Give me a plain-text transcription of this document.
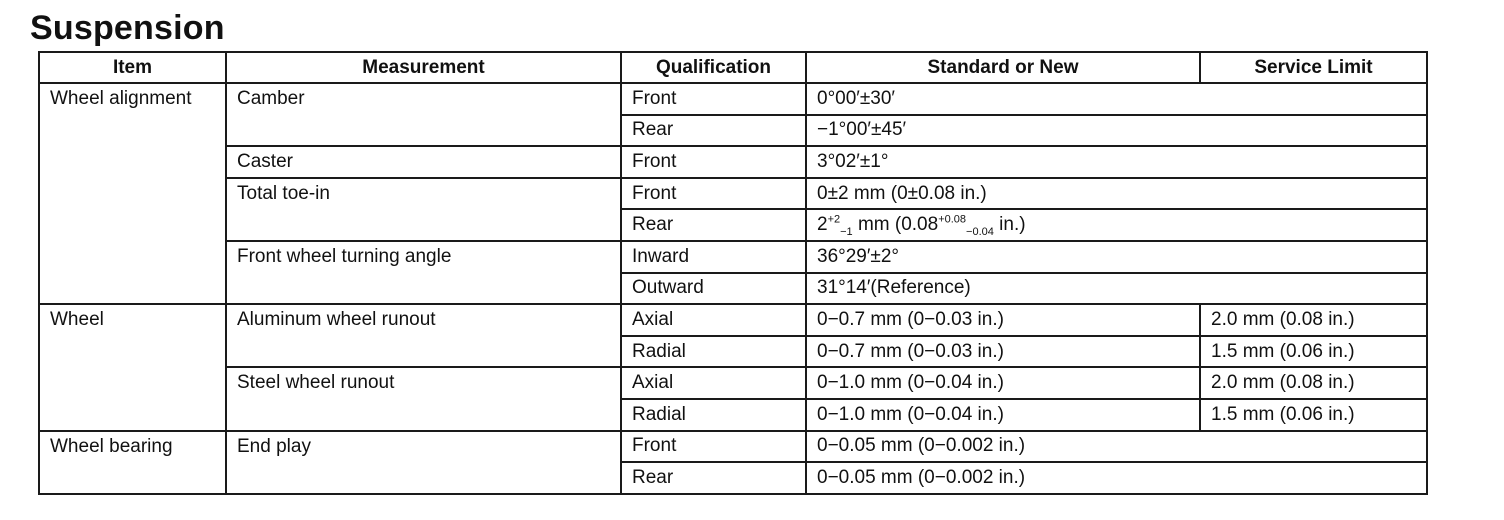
Suspension
Item	Measurement	Qualification	Standard or New	Service Limit
Wheel alignment	Camber	Front	0°00′±30′	
		Rear	−1°00′±45′	
	Caster	Front	3°02′±1°	
	Total toe-in	Front	0±2 mm (0±0.08 in.)	
		Rear	$2^{+2}_{-1}$ mm ($0.08^{+0.08}_{-0.04}$ in.)	
	Front wheel turning angle	Inward	36°29′±2°	
		Outward	31°14′(Reference)	
Wheel	Aluminum wheel runout	Axial	0−0.7 mm (0−0.03 in.)	2.0 mm (0.08 in.)
		Radial	0−0.7 mm (0−0.03 in.)	1.5 mm (0.06 in.)
	Steel wheel runout	Axial	0−1.0 mm (0−0.04 in.)	2.0 mm (0.08 in.)
		Radial	0−1.0 mm (0−0.04 in.)	1.5 mm (0.06 in.)
Wheel bearing	End play	Front	0−0.05 mm (0−0.002 in.)	
		Rear	0−0.05 mm (0−0.002 in.)	
